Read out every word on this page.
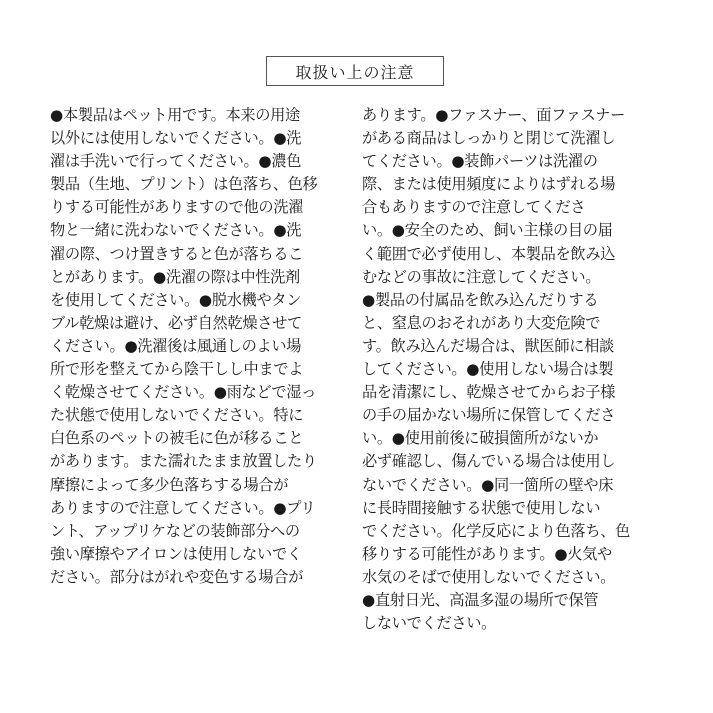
取扱い上の注意
●本製品はペット用です。本来の用途
以外には使用しないでください。●洗
濯は手洗いで行ってください。●濃色
製品（生地、プリント）は色落ち、色移
りする可能性がありますので他の洗濯
物と一緒に洗わないでください。●洗
濯の際、つけ置きすると色が落ちるこ
とがあります。●洗濯の際は中性洗剤
を使用してください。●脱水機やタン
ブル乾燥は避け、必ず自然乾燥させて
ください。●洗濯後は風通しのよい場
所で形を整えてから陰干しし中までよ
く乾燥させてください。●雨などで湿っ
た状態で使用しないでください。特に
白色系のペットの被毛に色が移ること
があります。また濡れたまま放置したり
摩擦によって多少色落ちする場合が
ありますので注意してください。●プリ
ント、アップリケなどの装飾部分への
強い摩擦やアイロンは使用しないでく
ださい。部分はがれや変色する場合が
あります。●ファスナー、面ファスナー
がある商品はしっかりと閉じて洗濯し
てください。●装飾パーツは洗濯の
際、または使用頻度によりはずれる場
合もありますので注意してくださ
い。●安全のため、飼い主様の目の届
く範囲で必ず使用し、本製品を飲み込
むなどの事故に注意してください。
●製品の付属品を飲み込んだりする
と、窒息のおそれがあり大変危険で
す。飲み込んだ場合は、獣医師に相談
してください。●使用しない場合は製
品を清潔にし、乾燥させてからお子様
の手の届かない場所に保管してくださ
い。●使用前後に破損箇所がないか
必ず確認し、傷んでいる場合は使用し
ないでください。●同一箇所の壁や床
に長時間接触する状態で使用しない
でください。化学反応により色落ち、色
移りする可能性があります。●火気や
水気のそばで使用しないでください。
●直射日光、高温多湿の場所で保管
しないでください。
